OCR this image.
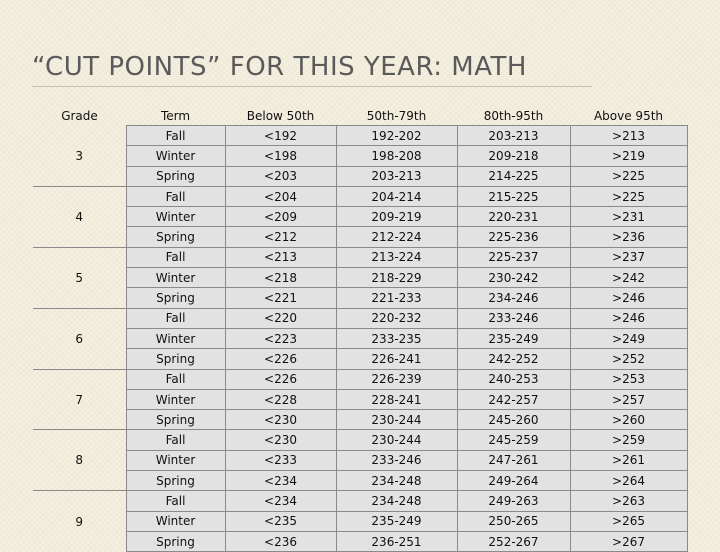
“CUT POINTS” FOR THIS YEAR: MATH
Grade	Term	Below 50th	50th-79th	80th-95th	Above 95th
3	Fall	<192	192-202	203-213	>213
	Winter	<198	198-208	209-218	>219
	Spring	<203	203-213	214-225	>225
4	Fall	<204	204-214	215-225	>225
	Winter	<209	209-219	220-231	>231
	Spring	<212	212-224	225-236	>236
5	Fall	<213	213-224	225-237	>237
	Winter	<218	218-229	230-242	>242
	Spring	<221	221-233	234-246	>246
6	Fall	<220	220-232	233-246	>246
	Winter	<223	233-235	235-249	>249
	Spring	<226	226-241	242-252	>252
7	Fall	<226	226-239	240-253	>253
	Winter	<228	228-241	242-257	>257
	Spring	<230	230-244	245-260	>260
8	Fall	<230	230-244	245-259	>259
	Winter	<233	233-246	247-261	>261
	Spring	<234	234-248	249-264	>264
9	Fall	<234	234-248	249-263	>263
	Winter	<235	235-249	250-265	>265
	Spring	<236	236-251	252-267	>267
